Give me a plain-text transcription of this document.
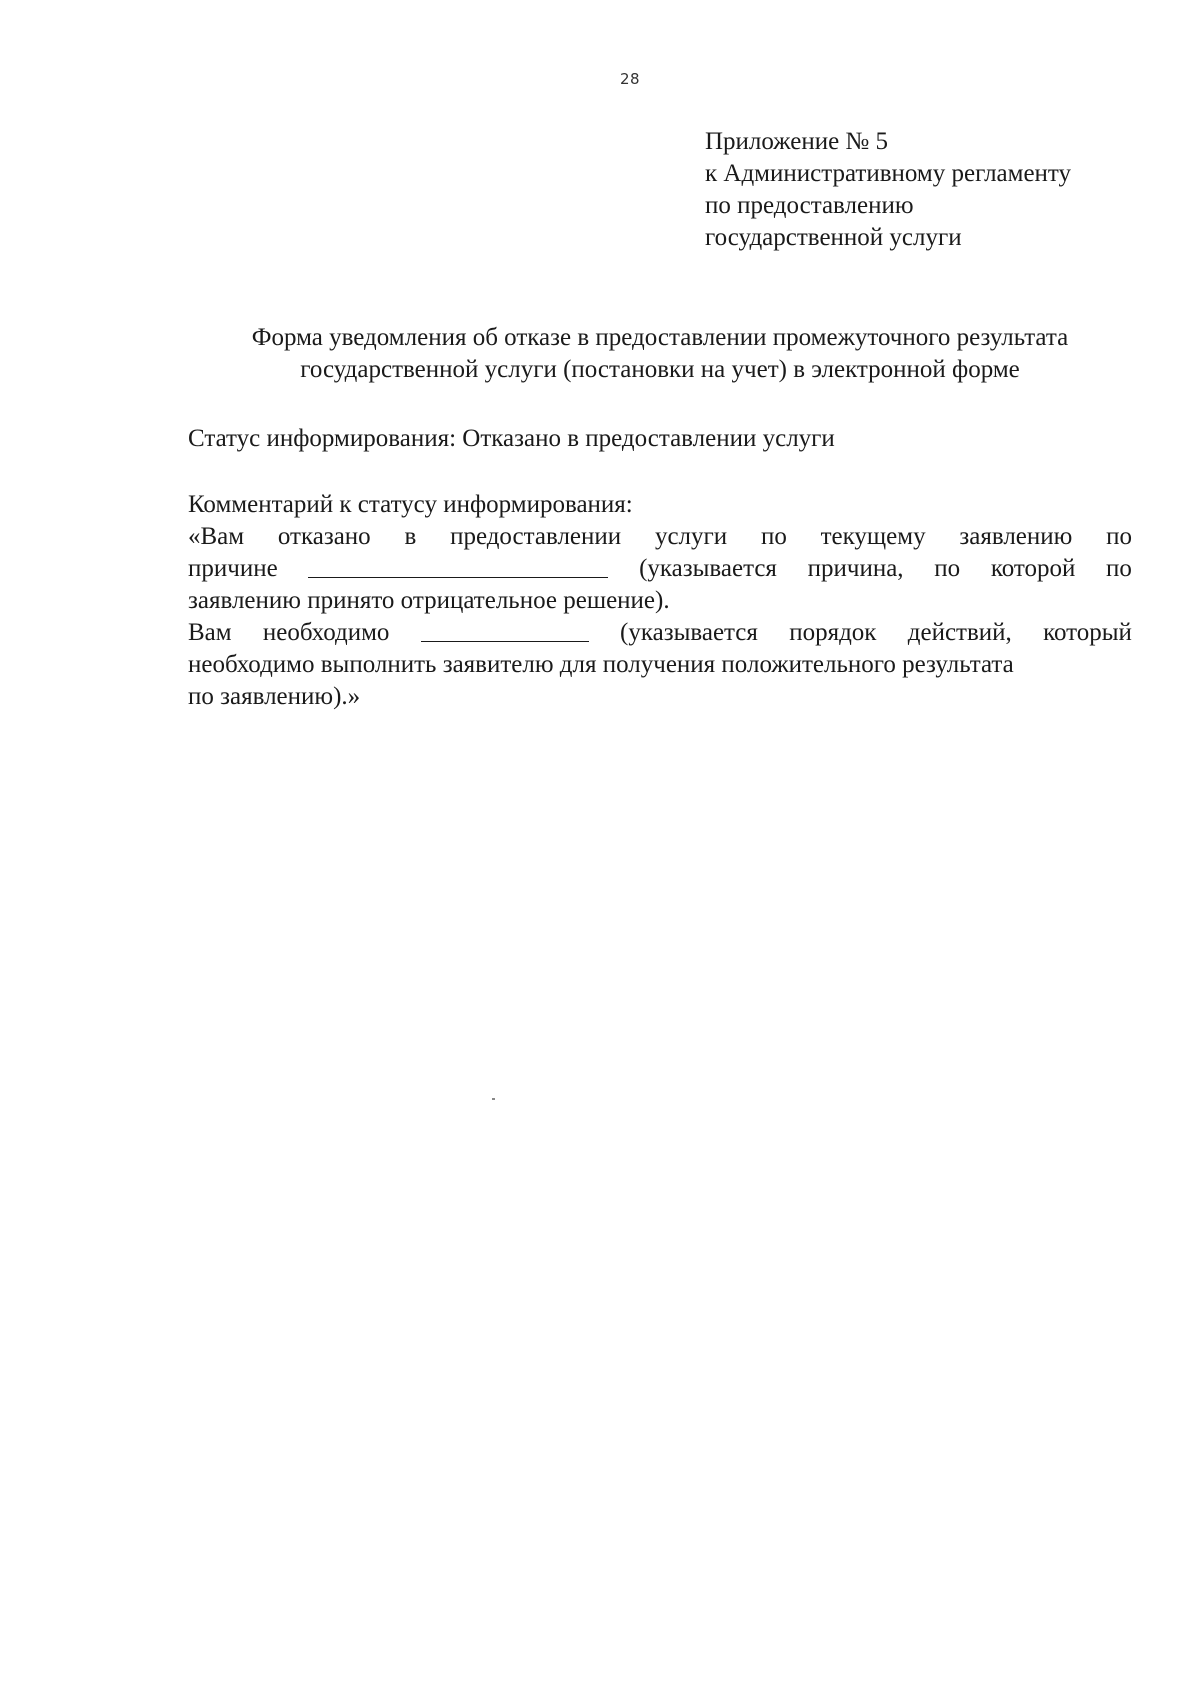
28
Приложение № 5
к Административному регламенту
по предоставлению
государственной услуги
Форма уведомления об отказе в предоставлении промежуточного результата
государственной услуги (постановки на учет) в электронной форме
Статус информирования: Отказано в предоставлении услуги
Комментарий к статусу информирования:
«Вам отказано в предоставлении услуги по текущему заявлению по
причине	(указывается причина, по которой по
заявлению принято отрицательное решение).
Вам необходимо	(указывается порядок действий, который
необходимо выполнить заявителю для получения положительного результата
по заявлению).»
